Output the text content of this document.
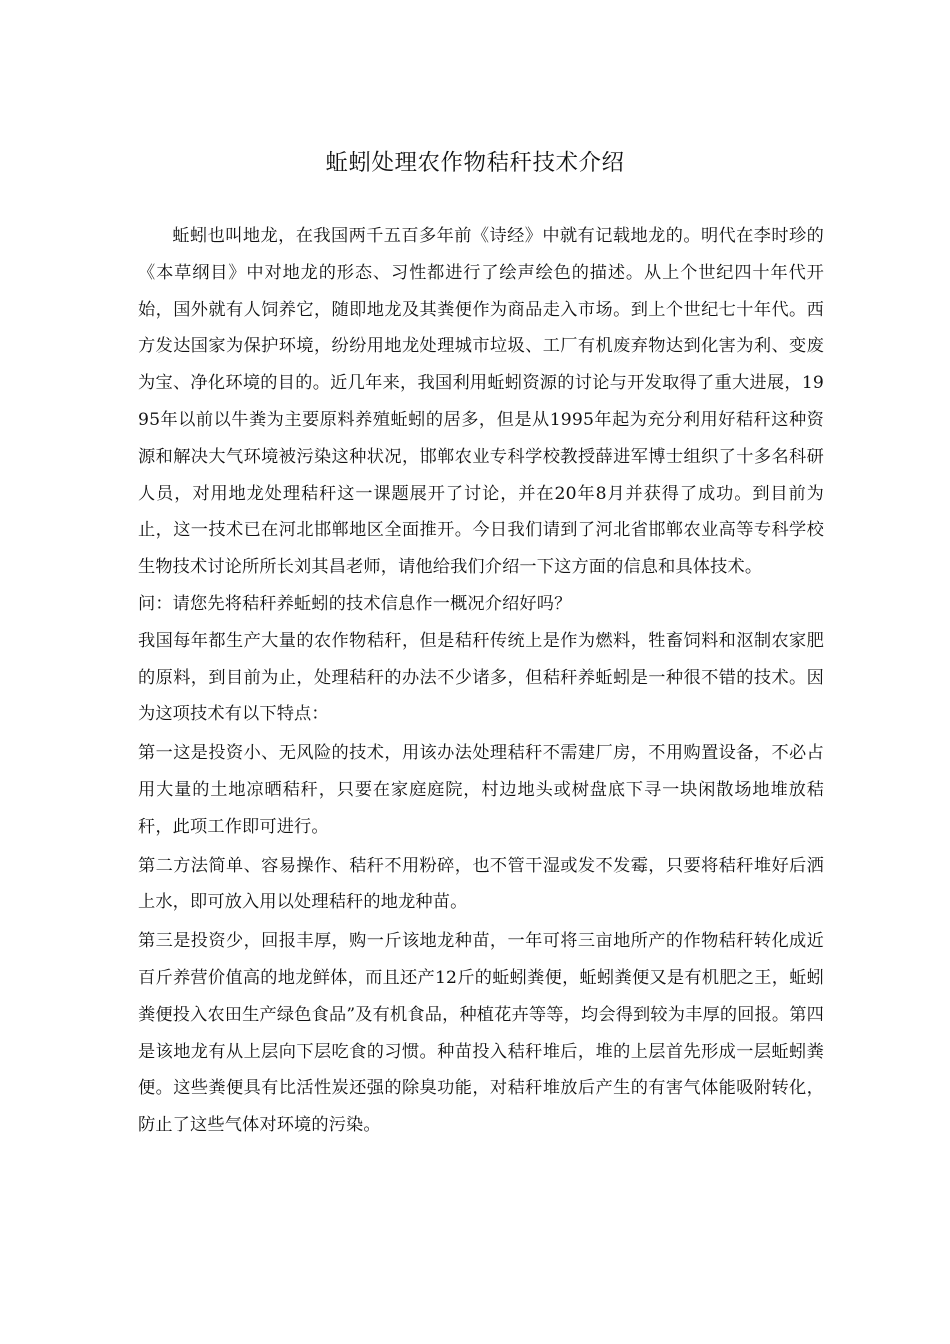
蚯蚓处理农作物秸秆技术介绍

蚯蚓也叫地龙，在我国两千五百多年前《诗经》中就有记载地龙的。明代在李时珍的《本草纲目》中对地龙的形态、习性都进行了绘声绘色的描述。从上个世纪四十年代开始，国外就有人饲养它，随即地龙及其粪便作为商品走入市场。到上个世纪七十年代。西方发达国家为保护环境，纷纷用地龙处理城市垃圾、工厂有机废弃物达到化害为利、变废为宝、净化环境的目的。近几年来，我国利用蚯蚓资源的讨论与开发取得了重大进展，1995年以前以牛粪为主要原料养殖蚯蚓的居多，但是从1995年起为充分利用好秸秆这种资源和解决大气环境被污染这种状况，邯郸农业专科学校教授薛进军博士组织了十多名科研人员，对用地龙处理秸秆这一课题展开了讨论，并在20年8月并获得了成功。到目前为止，这一技术已在河北邯郸地区全面推开。今日我们请到了河北省邯郸农业高等专科学校生物技术讨论所所长刘其昌老师，请他给我们介绍一下这方面的信息和具体技术。

问：请您先将秸秆养蚯蚓的技术信息作一概况介绍好吗？

我国每年都生产大量的农作物秸秆，但是秸秆传统上是作为燃料，牲畜饲料和沤制农家肥的原料，到目前为止，处理秸秆的办法不少诸多，但秸秆养蚯蚓是一种很不错的技术。因为这项技术有以下特点：

第一这是投资小、无风险的技术，用该办法处理秸秆不需建厂房，不用购置设备，不必占用大量的土地凉晒秸秆，只要在家庭庭院，村边地头或树盘底下寻一块闲散场地堆放秸秆，此项工作即可进行。

第二方法简单、容易操作、秸秆不用粉碎，也不管干湿或发不发霉，只要将秸秆堆好后洒上水，即可放入用以处理秸秆的地龙种苗。

第三是投资少，回报丰厚，购一斤该地龙种苗，一年可将三亩地所产的作物秸秆转化成近百斤养营价值高的地龙鲜体，而且还产12斤的蚯蚓粪便，蚯蚓粪便又是有机肥之王，蚯蚓粪便投入农田生产绿色食品”及有机食品，种植花卉等等，均会得到较为丰厚的回报。第四是该地龙有从上层向下层吃食的习惯。种苗投入秸秆堆后，堆的上层首先形成一层蚯蚓粪便。这些粪便具有比活性炭还强的除臭功能，对秸秆堆放后产生的有害气体能吸附转化，防止了这些气体对环境的污染。
